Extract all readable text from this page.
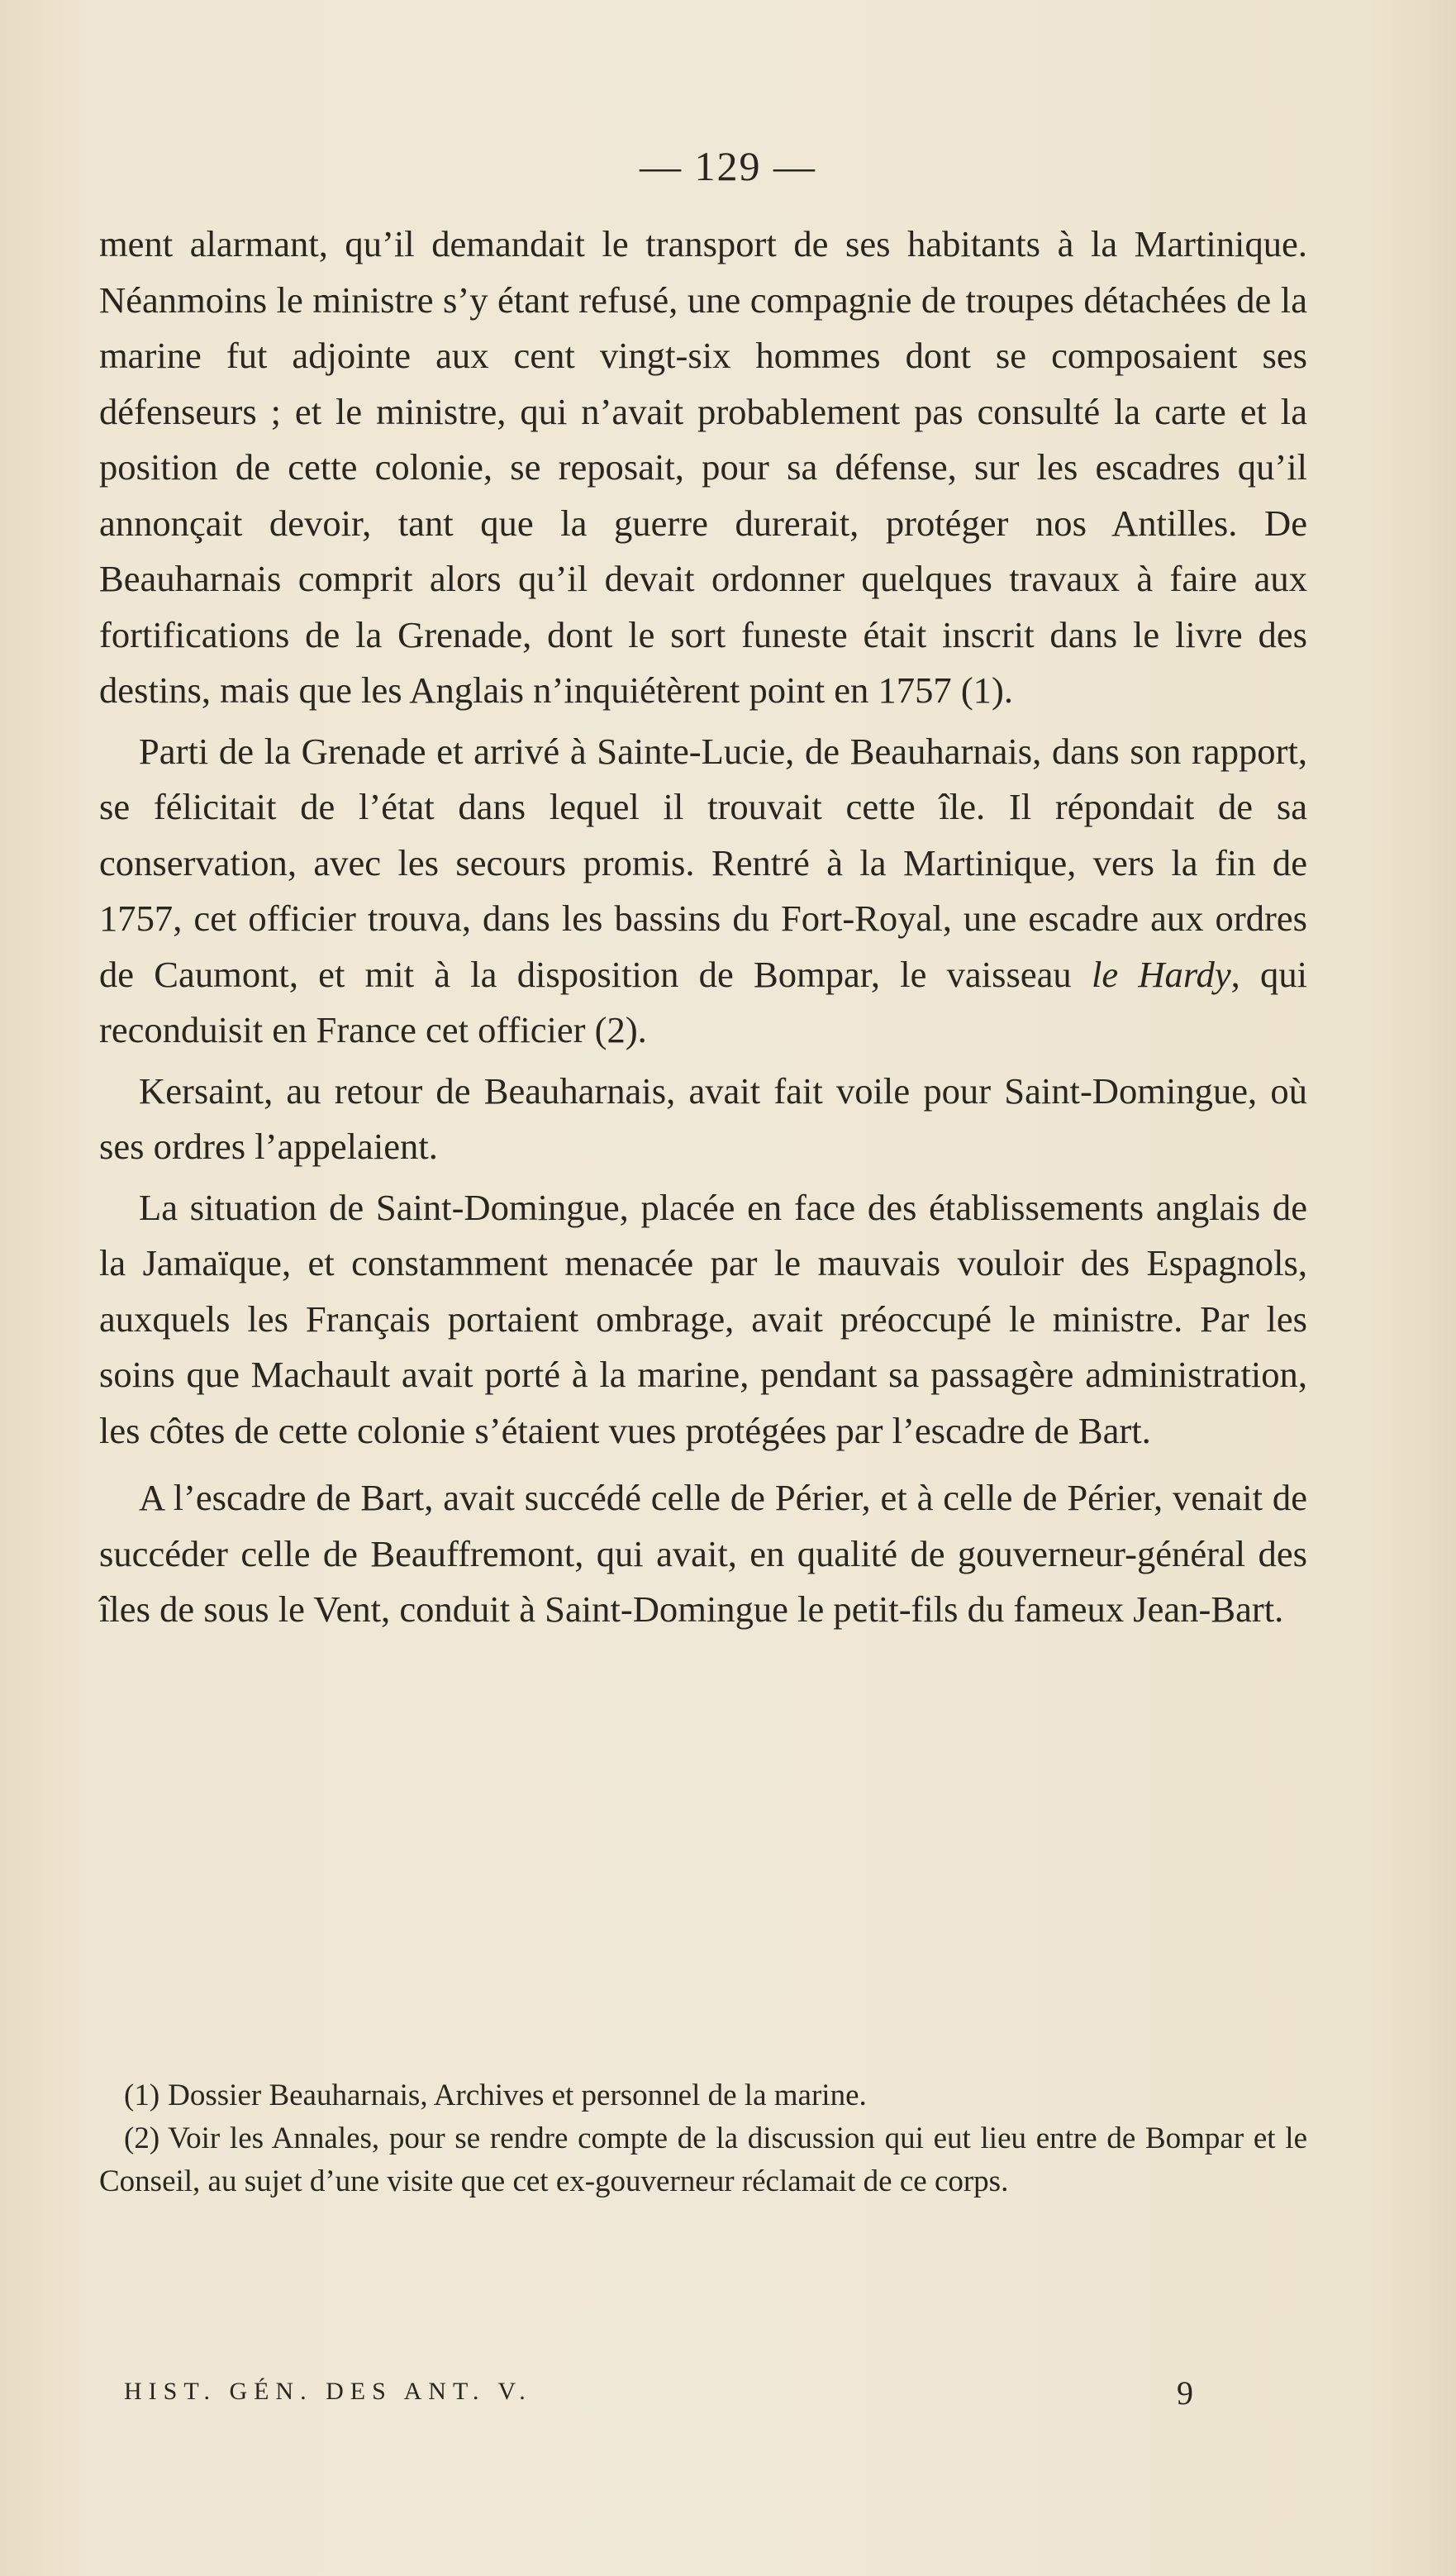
— 129 —

ment alarmant, qu’il demandait le transport de ses habitants à la Martinique. Néanmoins le ministre s’y étant refusé, une compagnie de troupes détachées de la marine fut adjointe aux cent vingt-six hommes dont se composaient ses défenseurs ; et le ministre, qui n’avait probablement pas consulté la carte et la position de cette colonie, se reposait, pour sa défense, sur les escadres qu’il annonçait devoir, tant que la guerre durerait, protéger nos Antilles. De Beauharnais comprit alors qu’il devait ordonner quelques travaux à faire aux fortifications de la Grenade, dont le sort funeste était inscrit dans le livre des destins, mais que les Anglais n’inquiétèrent point en 1757 (1).

Parti de la Grenade et arrivé à Sainte-Lucie, de Beauharnais, dans son rapport, se félicitait de l’état dans lequel il trouvait cette île. Il répondait de sa conservation, avec les secours promis. Rentré à la Martinique, vers la fin de 1757, cet officier trouva, dans les bassins du Fort-Royal, une escadre aux ordres de Caumont, et mit à la disposition de Bompar, le vaisseau le Hardy, qui reconduisit en France cet officier (2).

Kersaint, au retour de Beauharnais, avait fait voile pour Saint-Domingue, où ses ordres l’appelaient.

La situation de Saint-Domingue, placée en face des établissements anglais de la Jamaïque, et constamment menacée par le mauvais vouloir des Espagnols, auxquels les Français portaient ombrage, avait préoccupé le ministre. Par les soins que Machault avait porté à la marine, pendant sa passagère administration, les côtes de cette colonie s’étaient vues protégées par l’escadre de Bart.

A l’escadre de Bart, avait succédé celle de Périer, et à celle de Périer, venait de succéder celle de Beauffremont, qui avait, en qualité de gouverneur-général des îles de sous le Vent, conduit à Saint-Domingue le petit-fils du fameux Jean-Bart.

(1) Dossier Beauharnais, Archives et personnel de la marine.

(2) Voir les Annales, pour se rendre compte de la discussion qui eut lieu entre de Bompar et le Conseil, au sujet d’une visite que cet ex-gouverneur réclamait de ce corps.

HIST. GÉN. DES ANT. V.	9
